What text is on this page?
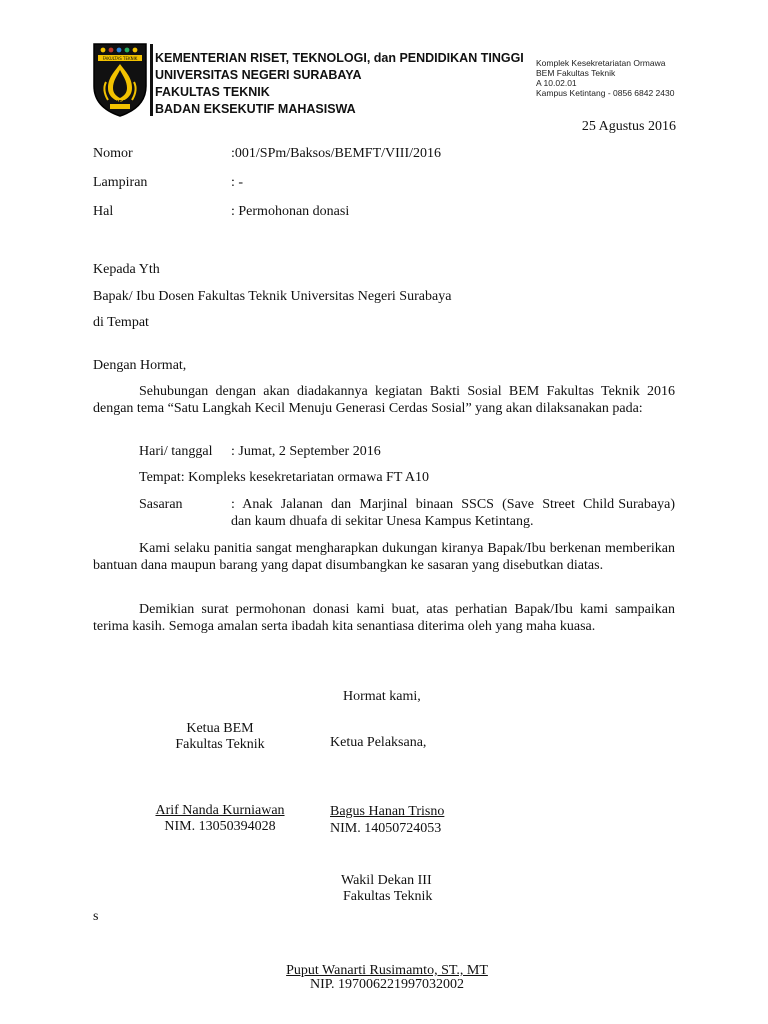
FAKULTAS TEKNIK
UNESA
KEMENTERIAN RISET, TEKNOLOGI, dan PENDIDIKAN TINGGI
UNIVERSITAS NEGERI SURABAYA
FAKULTAS TEKNIK
BADAN EKSEKUTIF MAHASISWA
Komplek Kesekretariatan Ormawa
BEM Fakultas Teknik
A 10.02.01
Kampus Ketintang - 0856 6842 2430
25 Agustus 2016
Nomor	:001/SPm/Baksos/BEMFT/VIII/2016
Lampiran	: -
Hal	: Permohonan donasi
Kepada Yth
Bapak/ Ibu Dosen Fakultas Teknik Universitas Negeri Surabaya
di Tempat
Dengan Hormat,
Sehubungan dengan akan diadakannya kegiatan Bakti Sosial BEM Fakultas Teknik 2016 dengan tema “Satu Langkah Kecil Menuju Generasi Cerdas Sosial” yang akan dilaksanakan pada:
Hari/ tanggal : Jumat, 2 September 2016
Tempat: Kompleks kesekretariatan ormawa FT A10
Sasaran	:  Anak  Jalanan  dan  Marjinal  binaan  SSCS  (Save  Street  Child Surabaya)    dan kaum dhuafa di sekitar Unesa Kampus Ketintang.
Kami selaku panitia sangat mengharapkan dukungan kiranya Bapak/Ibu berkenan memberikan bantuan dana maupun barang yang dapat disumbangkan ke sasaran yang disebutkan diatas.
Demikian surat permohonan donasi kami buat, atas perhatian Bapak/Ibu kami sampaikan terima kasih. Semoga amalan serta ibadah kita senantiasa diterima oleh yang maha kuasa.
Hormat kami,
Ketua BEM
Fakultas Teknik
Arif Nanda Kurniawan
NIM. 13050394028
Ketua Pelaksana,
Bagus Hanan Trisno
NIM. 14050724053
Wakil Dekan III
Fakultas Teknik
s
Puput Wanarti Rusimamto, ST., MT
NIP. 197006221997032002
